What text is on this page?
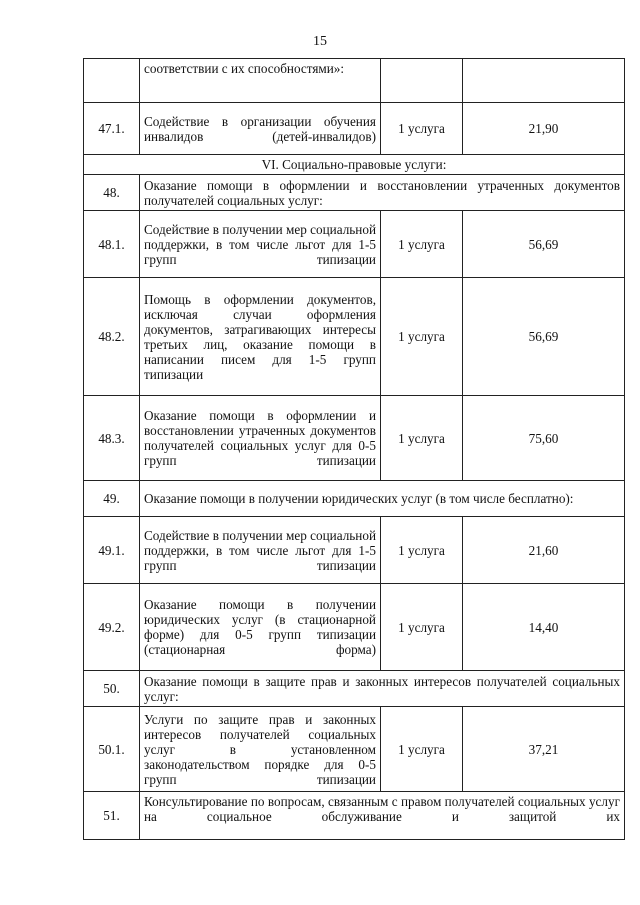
15
	соответствии с их способностями»:		
47.1.	Содействие в организации обучения инвалидов (детей-инвалидов)	1 услуга	21,90
VI. Социально-правовые услуги:			
48.	Оказание помощи в оформлении и восстановлении утраченных документов получателей социальных услуг:		
48.1.	Содействие в получении мер социальной поддержки, в том числе льгот для 1-5 групп типизации	1 услуга	56,69
48.2.	Помощь в оформлении документов, исключая случаи оформления документов, затрагивающих интересы третьих лиц, оказание помощи в написании писем для 1-5 групп типизации	1 услуга	56,69
48.3.	Оказание помощи в оформлении и восстановлении утраченных документов получателей социальных услуг для 0-5 групп типизации	1 услуга	75,60
49.	Оказание помощи в получении юридических услуг (в том числе бесплатно):		
49.1.	Содействие в получении мер социальной поддержки, в том числе льгот для 1-5 групп типизации	1 услуга	21,60
49.2.	Оказание помощи в получении юридических услуг (в стационарной форме) для 0-5 групп типизации (стационарная форма)	1 услуга	14,40
50.	Оказание помощи в защите прав и законных интересов получателей социальных услуг:		
50.1.	Услуги по защите прав и законных интересов получателей социальных услуг в установленном законодательством порядке для 0-5 групп типизации	1 услуга	37,21
51.	Консультирование по вопросам, связанным с правом получателей социальных услуг на социальное обслуживание и защитой их		
